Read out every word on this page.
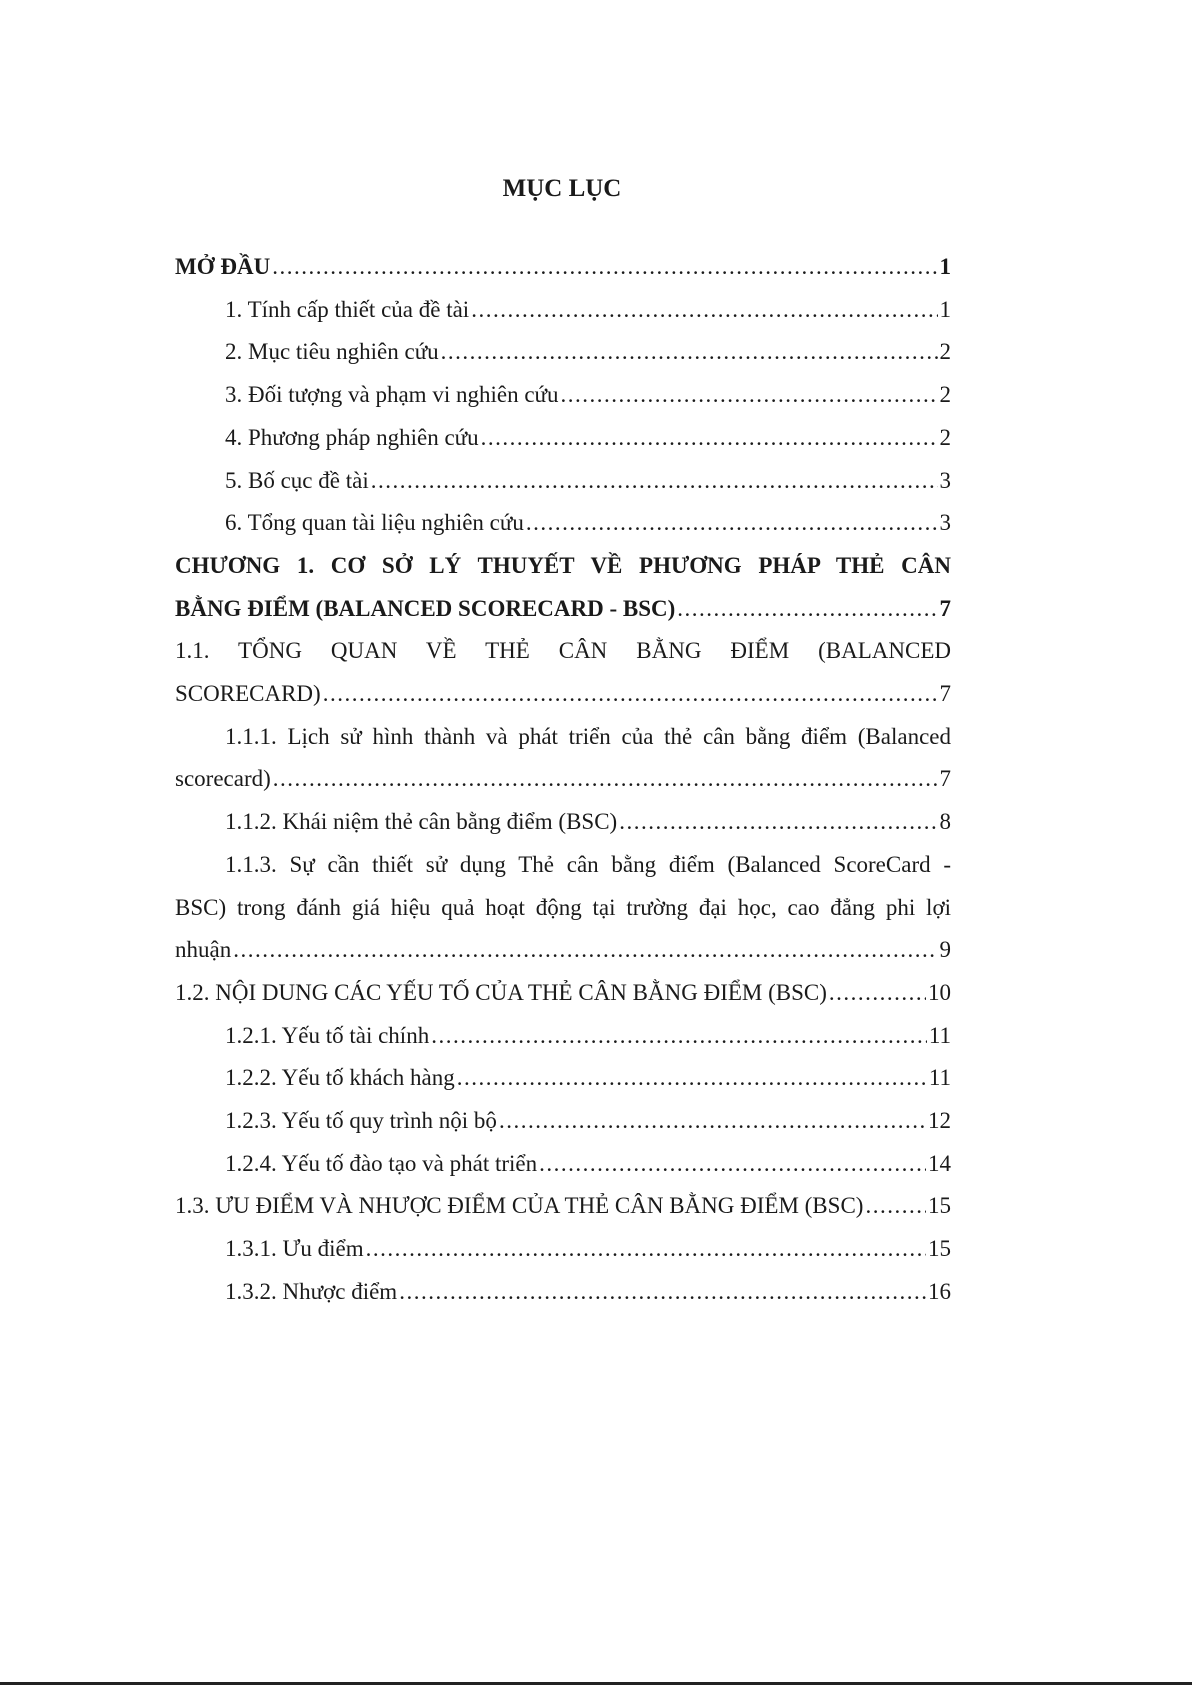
MỤC LỤC
MỞ ĐẦU .....	1
1. Tính cấp thiết của đề tài .....	1
2. Mục tiêu nghiên cứu .....	2
3. Đối tượng và phạm vi nghiên cứu .....	2
4. Phương pháp nghiên cứu .....	2
5. Bố cục đề tài .....	3
6. Tổng quan tài liệu nghiên cứu .....	3
CHƯƠNG 1. CƠ SỞ LÝ THUYẾT VỀ PHƯƠNG PHÁP THẺ CÂN
BẰNG ĐIỂM (BALANCED SCORECARD - BSC) .....	7
1.1. TỔNG QUAN VỀ THẺ CÂN BẰNG ĐIỂM (BALANCED
SCORECARD) .....	7
1.1.1. Lịch sử hình thành và phát triển của thẻ cân bằng điểm (Balanced
scorecard) .....	7
1.1.2. Khái niệm thẻ cân bằng điểm (BSC) .....	8
1.1.3. Sự cần thiết sử dụng Thẻ cân bằng điểm (Balanced ScoreCard -
BSC) trong đánh giá hiệu quả hoạt động tại trường đại học, cao đẳng phi lợi
nhuận .....	9
1.2. NỘI DUNG CÁC YẾU TỐ CỦA THẺ CÂN BẰNG ĐIỂM (BSC) .....	10
1.2.1. Yếu tố tài chính .....	11
1.2.2. Yếu tố khách hàng .....	11
1.2.3. Yếu tố quy trình nội bộ .....	12
1.2.4. Yếu tố đào tạo và phát triển .....	14
1.3. ƯU ĐIỂM VÀ NHƯỢC ĐIỂM CỦA THẺ CÂN BẰNG ĐIỂM (BSC) .....	15
1.3.1. Ưu điểm .....	15
1.3.2. Nhược điểm .....	16
